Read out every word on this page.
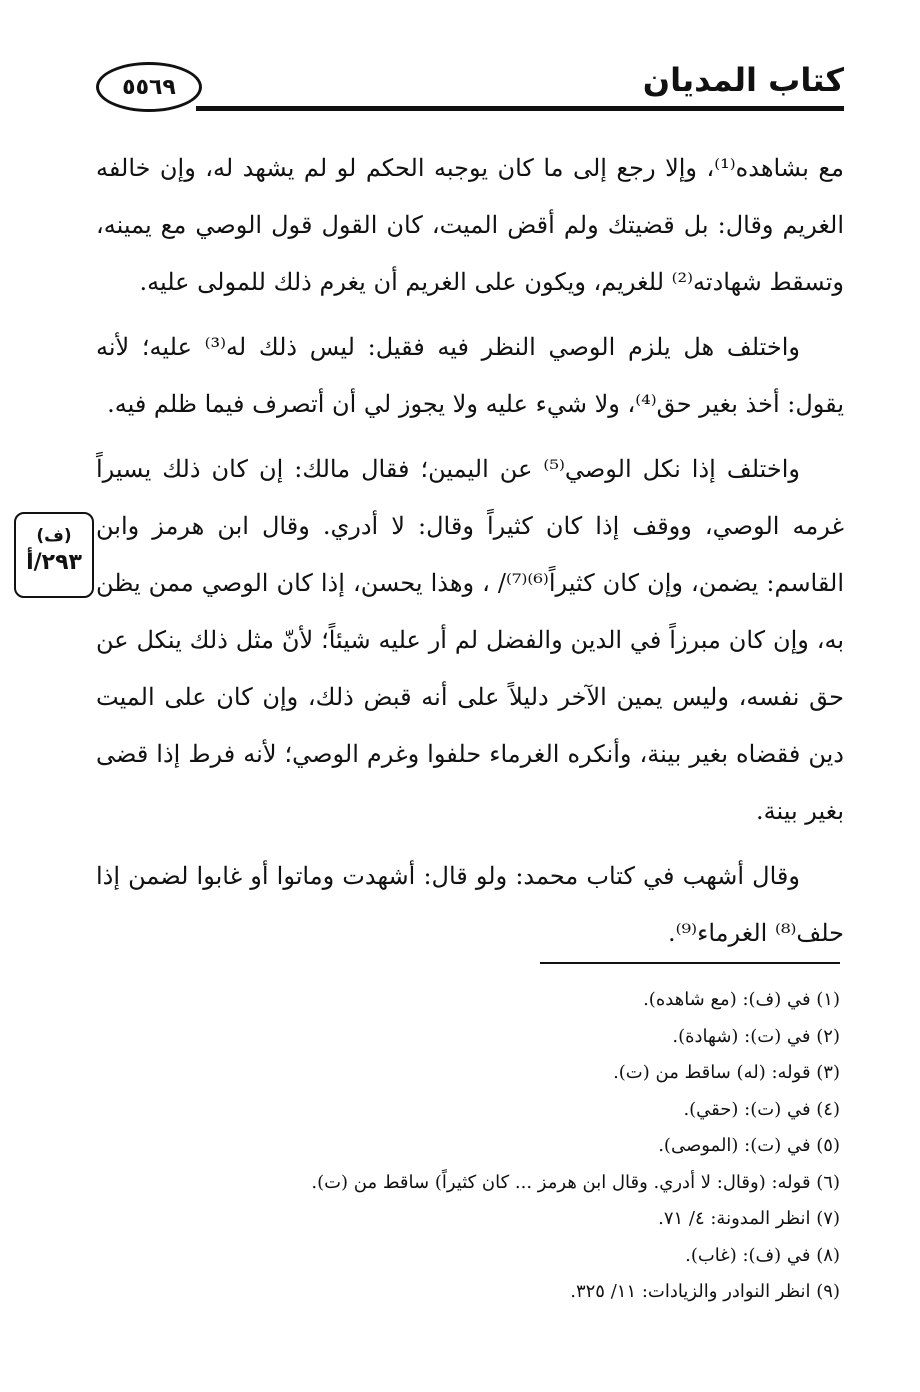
٥٥٦٩	كتاب المديان
(ف)
٢٩٣/أ

مع بشاهده⁽¹⁾، وإلا رجع إلى ما كان يوجبه الحكم لو لم يشهد له، وإن خالفه الغريم وقال: بل قضيتك ولم أقض الميت، كان القول قول الوصي مع يمينه، وتسقط شهادته⁽²⁾ للغريم، ويكون على الغريم أن يغرم ذلك للمولى عليه.

واختلف هل يلزم الوصي النظر فيه فقيل: ليس ذلك له⁽³⁾ عليه؛ لأنه يقول: أخذ بغير حق⁽⁴⁾، ولا شيء عليه ولا يجوز لي أن أتصرف فيما ظلم فيه.

واختلف إذا نكل الوصي⁽⁵⁾ عن اليمين؛ فقال مالك: إن كان ذلك يسيراً غرمه الوصي، ووقف إذا كان كثيراً وقال: لا أدري. وقال ابن هرمز وابن القاسم: يضمن، وإن كان كثيراً⁽⁶⁾⁽⁷⁾/ ، وهذا يحسن، إذا كان الوصي ممن يظن به، وإن كان مبرزاً في الدين والفضل لم أر عليه شيئاً؛ لأنّ مثل ذلك ينكل عن حق نفسه، وليس يمين الآخر دليلاً على أنه قبض ذلك، وإن كان على الميت دين فقضاه بغير بينة، وأنكره الغرماء حلفوا وغرم الوصي؛ لأنه فرط إذا قضى بغير بينة.

وقال أشهب في كتاب محمد: ولو قال: أشهدت وماتوا أو غابوا لضمن إذا حلف⁽⁸⁾ الغرماء⁽⁹⁾.

(١) في (ف): (مع شاهده).
(٢) في (ت): (شهادة).
(٣) قوله: (له) ساقط من (ت).
(٤) في (ت): (حقي).
(٥) في (ت): (الموصى).
(٦) قوله: (وقال: لا أدري. وقال ابن هرمز ... كان كثيراً) ساقط من (ت).
(٧) انظر المدونة: ٤/ ٧١.
(٨) في (ف): (غاب).
(٩) انظر النوادر والزيادات: ١١/ ٣٢٥.
